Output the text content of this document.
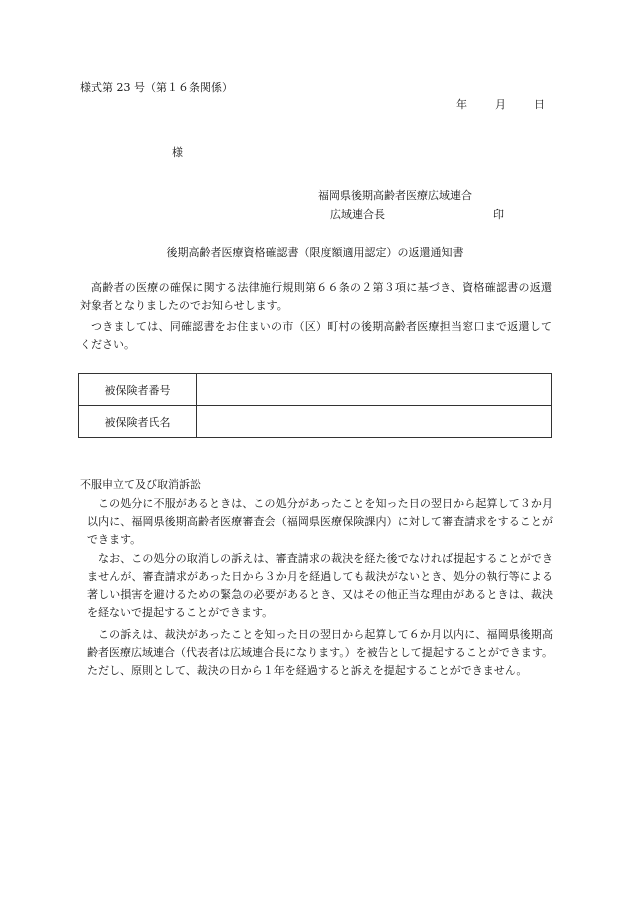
様式第 23 号（第１６条関係）
年	月	日
様
福岡県後期高齢者医療広域連合
広域連合長	印
後期高齢者医療資格確認書（限度額適用認定）の返還通知書
高齢者の医療の確保に関する法律施行規則第６６条の２第３項に基づき、資格確認書の返還対象者となりましたのでお知らせします。
つきましては、同確認書をお住まいの市（区）町村の後期高齢者医療担当窓口まで返還してください。
被保険者番号	
被保険者氏名	
不服申立て及び取消訴訟
この処分に不服があるときは、この処分があったことを知った日の翌日から起算して３か月以内に、福岡県後期高齢者医療審査会（福岡県医療保険課内）に対して審査請求をすることができます。
なお、この処分の取消しの訴えは、審査請求の裁決を経た後でなければ提起することができませんが、審査請求があった日から３か月を経過しても裁決がないとき、処分の執行等による著しい損害を避けるための緊急の必要があるとき、又はその他正当な理由があるときは、裁決を経ないで提起することができます。
この訴えは、裁決があったことを知った日の翌日から起算して６か月以内に、福岡県後期高齢者医療広域連合（代表者は広域連合長になります。）を被告として提起することができます。ただし、原則として、裁決の日から１年を経過すると訴えを提起することができません。
